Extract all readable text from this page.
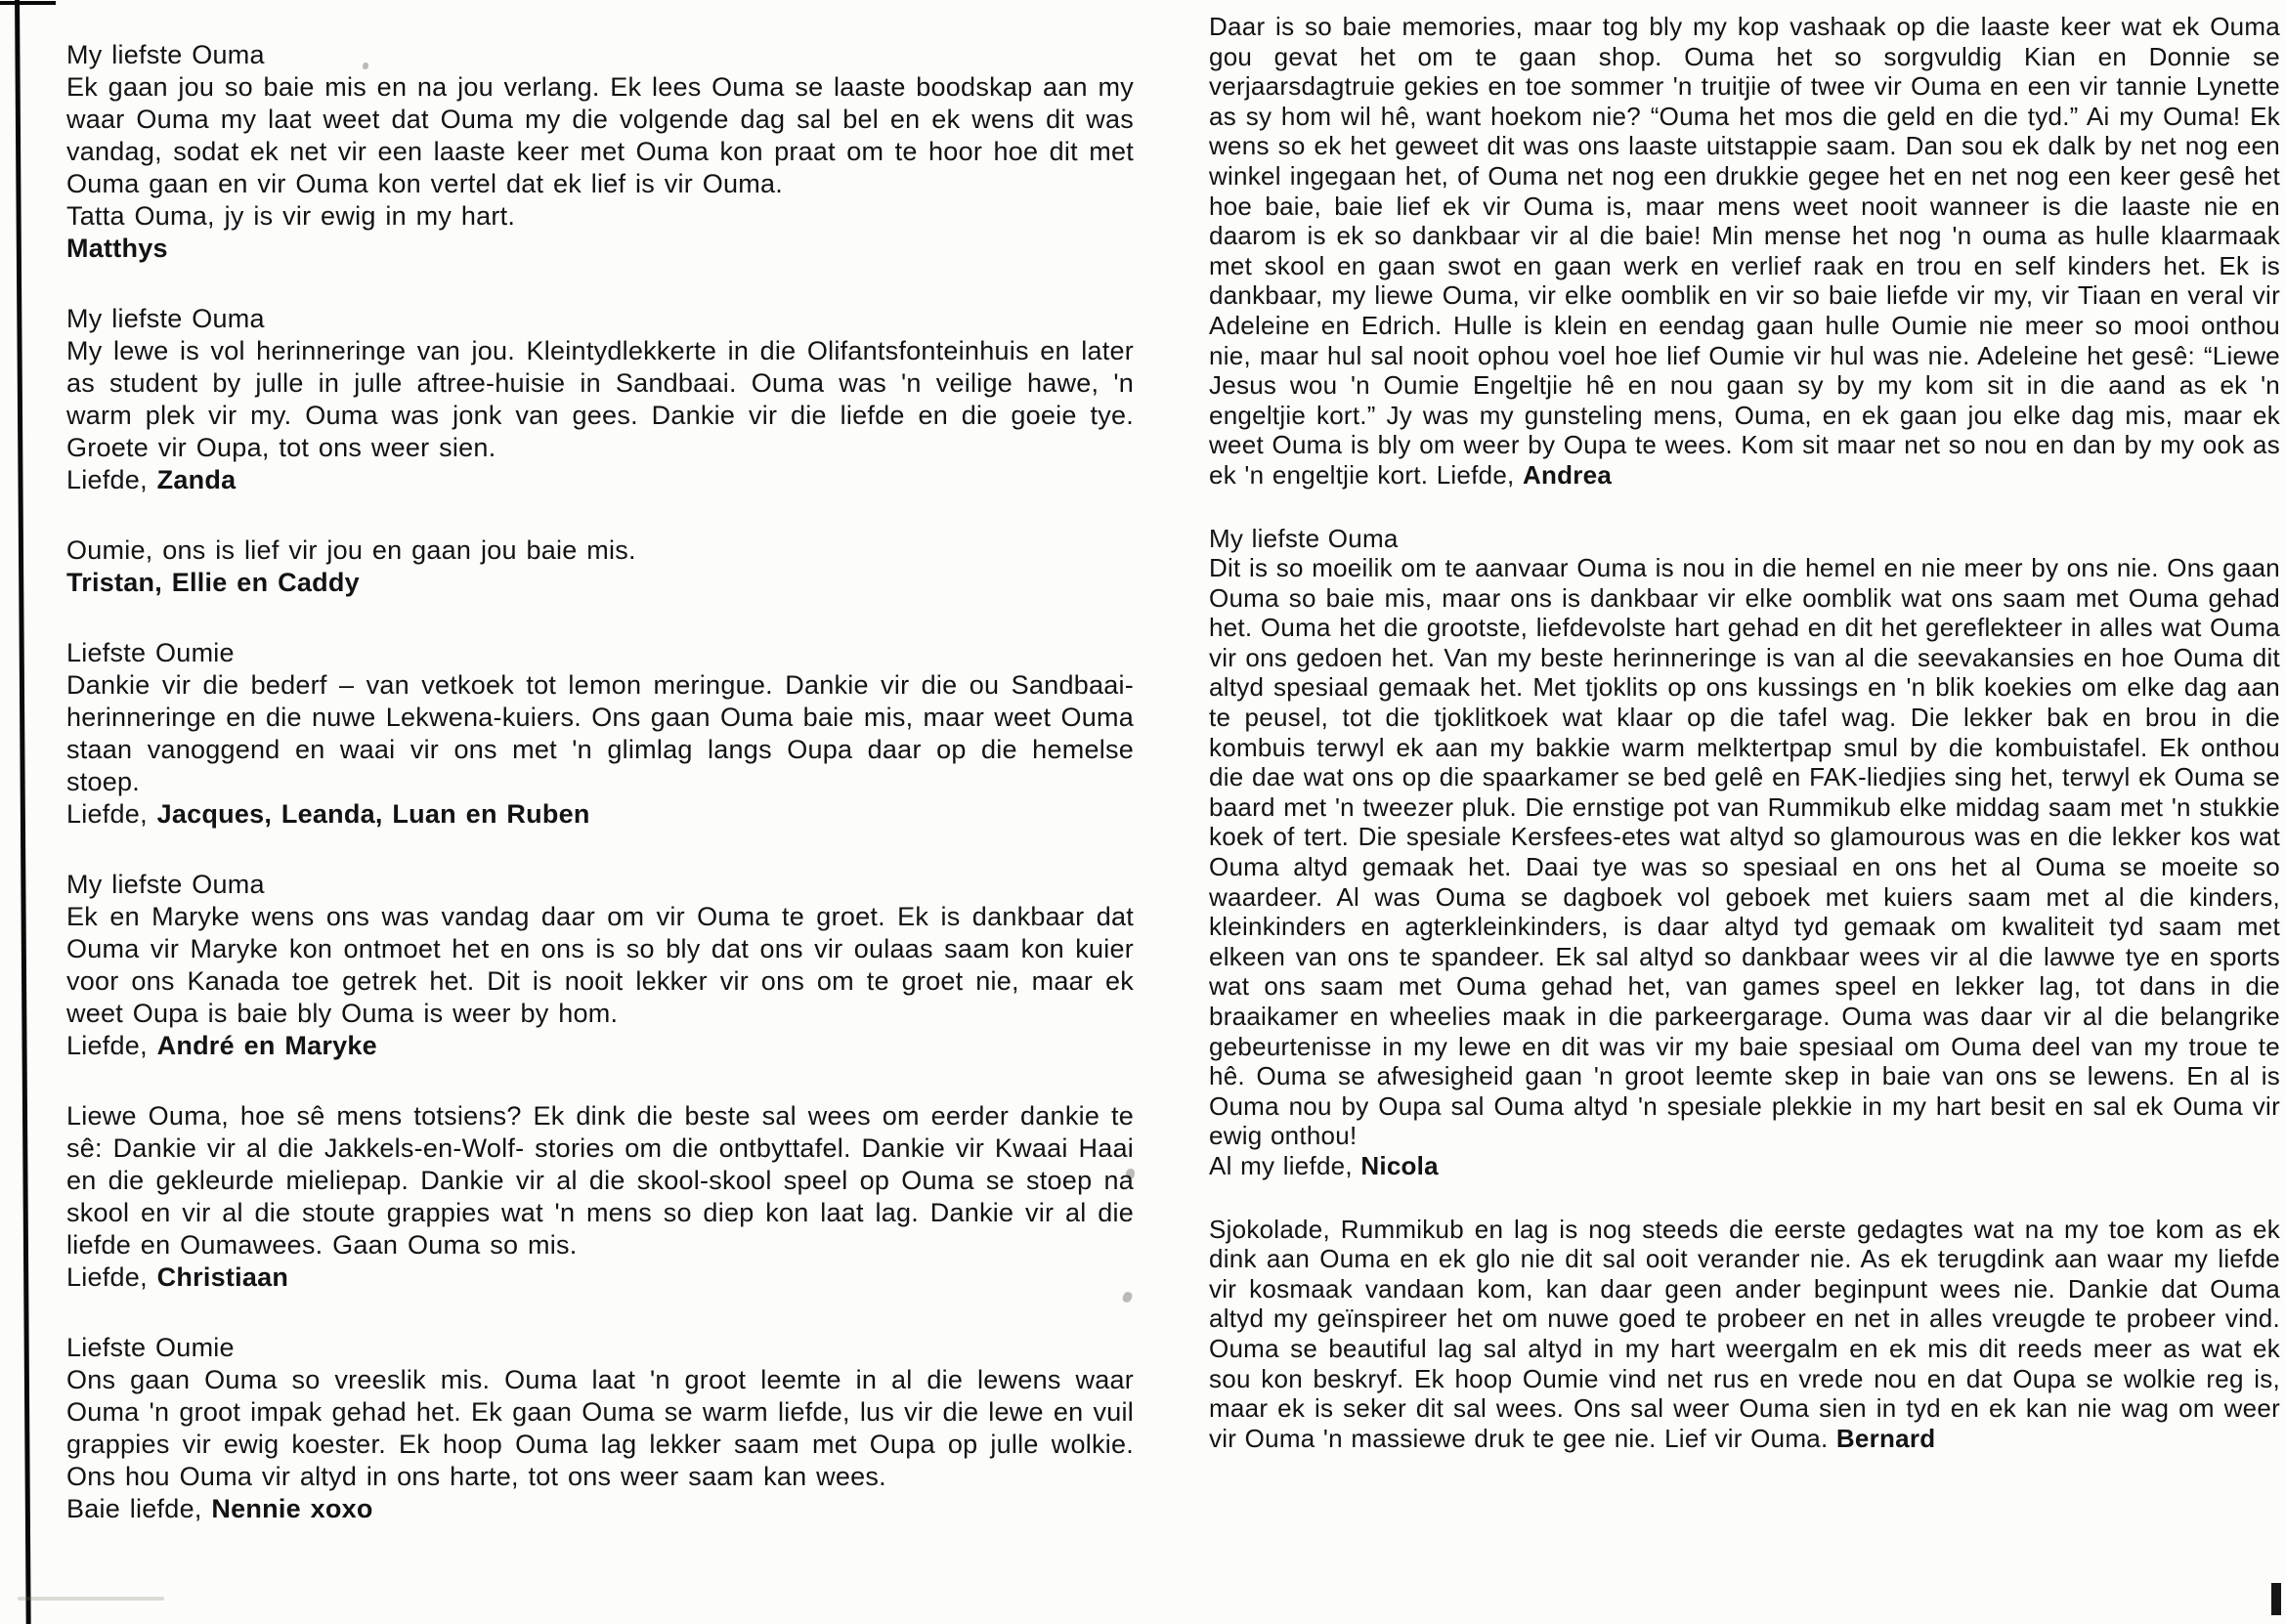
My liefste Ouma

Ek gaan jou so baie mis en na jou verlang. Ek lees Ouma se laaste boodskap aan my waar Ouma my laat weet dat Ouma my die volgende dag sal bel en ek wens dit was vandag, sodat ek net vir een laaste keer met Ouma kon praat om te hoor hoe dit met Ouma gaan en vir Ouma kon vertel dat ek lief is vir Ouma.

Tatta Ouma, jy is vir ewig in my hart.
Matthys
My liefste Ouma

My lewe is vol herinneringe van jou. Kleintydlekkerte in die Olifantsfonteinhuis en later as student by julle in julle aftree-huisie in Sandbaai. Ouma was 'n veilige hawe, 'n warm plek vir my. Ouma was jonk van gees. Dankie vir die liefde en die goeie tye. Groete vir Oupa, tot ons weer sien.

Liefde, Zanda

Oumie, ons is lief vir jou en gaan jou baie mis.

Tristan, Ellie en Caddy
Liefste Oumie

Dankie vir die bederf – van vetkoek tot lemon meringue. Dankie vir die ou Sandbaai-herinneringe en die nuwe Lekwena-kuiers. Ons gaan Ouma baie mis, maar weet Ouma staan vanoggend en waai vir ons met 'n glimlag langs Oupa daar op die hemelse stoep.

Liefde, Jacques, Leanda, Luan en Ruben
My liefste Ouma

Ek en Maryke wens ons was vandag daar om vir Ouma te groet. Ek is dankbaar dat Ouma vir Maryke kon ontmoet het en ons is so bly dat ons vir oulaas saam kon kuier voor ons Kanada toe getrek het. Dit is nooit lekker vir ons om te groet nie, maar ek weet Oupa is baie bly Ouma is weer by hom.

Liefde, André en Maryke

Liewe Ouma, hoe sê mens totsiens? Ek dink die beste sal wees om eerder dankie te sê: Dankie vir al die Jakkels-en-Wolf- stories om die ontbyttafel. Dankie vir Kwaai Haai en die gekleurde mieliepap. Dankie vir al die skool-skool speel op Ouma se stoep na skool en vir al die stoute grappies wat 'n mens so diep kon laat lag. Dankie vir al die liefde en Oumawees. Gaan Ouma so mis.

Liefde, Christiaan
Liefste Oumie

Ons gaan Ouma so vreeslik mis. Ouma laat 'n groot leemte in al die lewens waar Ouma 'n groot impak gehad het. Ek gaan Ouma se warm liefde, lus vir die lewe en vuil grappies vir ewig koester. Ek hoop Ouma lag lekker saam met Oupa op julle wolkie. Ons hou Ouma vir altyd in ons harte, tot ons weer saam kan wees.

Baie liefde, Nennie xoxo

Daar is so baie memories, maar tog bly my kop vashaak op die laaste keer wat ek Ouma gou gevat het om te gaan shop. Ouma het so sorgvuldig Kian en Donnie se verjaarsdagtruie gekies en toe sommer 'n truitjie of twee vir Ouma en een vir tannie Lynette as sy hom wil hê, want hoekom nie? “Ouma het mos die geld en die tyd.” Ai my Ouma! Ek wens so ek het geweet dit was ons laaste uitstappie saam. Dan sou ek dalk by net nog een winkel ingegaan het, of Ouma net nog een drukkie gegee het en net nog een keer gesê het hoe baie, baie lief ek vir Ouma is, maar mens weet nooit wanneer is die laaste nie en daarom is ek so dankbaar vir al die baie! Min mense het nog 'n ouma as hulle klaarmaak met skool en gaan swot en gaan werk en verlief raak en trou en self kinders het. Ek is dankbaar, my liewe Ouma, vir elke oomblik en vir so baie liefde vir my, vir Tiaan en veral vir Adeleine en Edrich. Hulle is klein en eendag gaan hulle Oumie nie meer so mooi onthou nie, maar hul sal nooit ophou voel hoe lief Oumie vir hul was nie. Adeleine het gesê: “Liewe Jesus wou 'n Oumie Engeltjie hê en nou gaan sy by my kom sit in die aand as ek 'n engeltjie kort.” Jy was my gunsteling mens, Ouma, en ek gaan jou elke dag mis, maar ek weet Ouma is bly om weer by Oupa te wees. Kom sit maar net so nou en dan by my ook as ek 'n engeltjie kort. Liefde, Andrea

My liefste Ouma

Dit is so moeilik om te aanvaar Ouma is nou in die hemel en nie meer by ons nie. Ons gaan Ouma so baie mis, maar ons is dankbaar vir elke oomblik wat ons saam met Ouma gehad het. Ouma het die grootste, liefdevolste hart gehad en dit het gereflekteer in alles wat Ouma vir ons gedoen het. Van my beste herinneringe is van al die seevakansies en hoe Ouma dit altyd spesiaal gemaak het. Met tjoklits op ons kussings en 'n blik koekies om elke dag aan te peusel, tot die tjoklitkoek wat klaar op die tafel wag. Die lekker bak en brou in die kombuis terwyl ek aan my bakkie warm melktertpap smul by die kombuistafel. Ek onthou die dae wat ons op die spaarkamer se bed gelê en FAK-liedjies sing het, terwyl ek Ouma se baard met 'n tweezer pluk. Die ernstige pot van Rummikub elke middag saam met 'n stukkie koek of tert. Die spesiale Kersfees-etes wat altyd so glamourous was en die lekker kos wat Ouma altyd gemaak het. Daai tye was so spesiaal en ons het al Ouma se moeite so waardeer. Al was Ouma se dagboek vol geboek met kuiers saam met al die kinders, kleinkinders en agterkleinkinders, is daar altyd tyd gemaak om kwaliteit tyd saam met elkeen van ons te spandeer. Ek sal altyd so dankbaar wees vir al die lawwe tye en sports wat ons saam met Ouma gehad het, van games speel en lekker lag, tot dans in die braaikamer en wheelies maak in die parkeergarage. Ouma was daar vir al die belangrike gebeurtenisse in my lewe en dit was vir my baie spesiaal om Ouma deel van my troue te hê. Ouma se afwesigheid gaan 'n groot leemte skep in baie van ons se lewens. En al is Ouma nou by Oupa sal Ouma altyd 'n spesiale plekkie in my hart besit en sal ek Ouma vir ewig onthou!

Al my liefde, Nicola

Sjokolade, Rummikub en lag is nog steeds die eerste gedagtes wat na my toe kom as ek dink aan Ouma en ek glo nie dit sal ooit verander nie. As ek terugdink aan waar my liefde vir kosmaak vandaan kom, kan daar geen ander beginpunt wees nie. Dankie dat Ouma altyd my geïnspireer het om nuwe goed te probeer en net in alles vreugde te probeer vind. Ouma se beautiful lag sal altyd in my hart weergalm en ek mis dit reeds meer as wat ek sou kon beskryf. Ek hoop Oumie vind net rus en vrede nou en dat Oupa se wolkie reg is, maar ek is seker dit sal wees. Ons sal weer Ouma sien in tyd en ek kan nie wag om weer vir Ouma 'n massiewe druk te gee nie. Lief vir Ouma. Bernard
